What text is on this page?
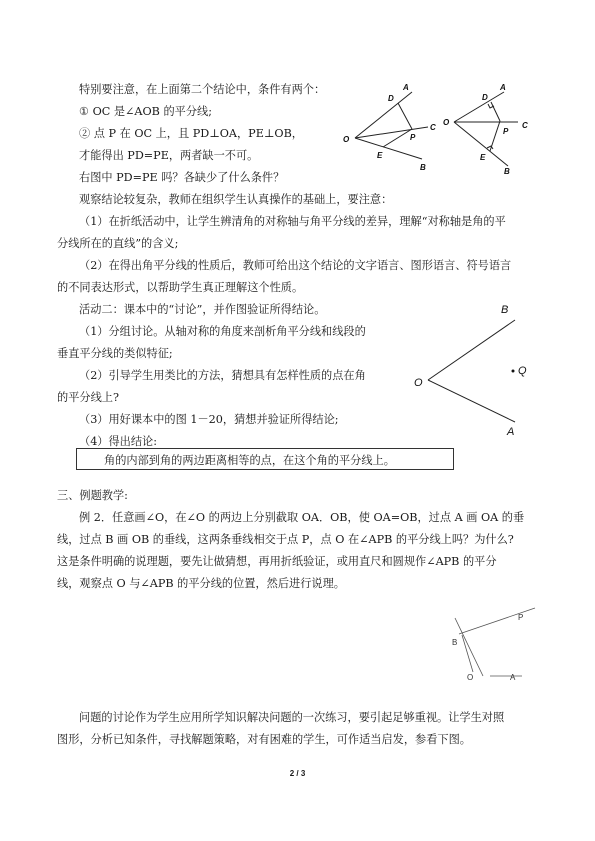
特别要注意，在上面第二个结论中，条件有两个：
① OC 是∠AOB 的平分线;
② 点 P 在 OC 上，且 PD⊥OA，PE⊥OB，
才能得出 PD=PE，两者缺一不可。
右图中 PD=PE 吗？各缺少了什么条件？
观察结论较复杂，教师在组织学生认真操作的基础上，要注意：
（1）在折纸活动中，让学生辨清角的对称轴与角平分线的差异，理解“对称轴是角的平
分线所在的直线”的含义;
（2）在得出角平分线的性质后，教师可给出这个结论的文字语言、图形语言、符号语言
的不同表达形式，以帮助学生真正理解这个性质。
活动二：课本中的“讨论”，并作图验证所得结论。
（1）分组讨论。从轴对称的角度来剖析角平分线和线段的
垂直平分线的类似特征;
（2）引导学生用类比的方法，猜想具有怎样性质的点在角
的平分线上?
（3）用好课本中的图 1－20，猜想并验证所得结论;
（4）得出结论:
角的内部到角的两边距离相等的点，在这个角的平分线上。
三、例题教学:
例 2．任意画∠O，在∠O 的两边上分别截取 OA．OB，使 OA=OB，过点 A 画 OA 的垂
线，过点 B 画 OB 的垂线，这两条垂线相交于点 P，点 O 在∠APB 的平分线上吗？为什么?
这是条件明确的说理题，要先让做猜想，再用折纸验证，或用直尺和圆规作∠APB 的平分
线，观察点 O 与∠APB 的平分线的位置，然后进行说理。
问题的讨论作为学生应用所学知识解决问题的一次练习，要引起足够重视。让学生对照
图形，分析已知条件，寻找解题策略，对有困难的学生，可作适当启发，参看下图。
O
A
D
C
P
E
B
O
A
D
C
P
E
B
B
O
Q
A
O
B
P
A
2 / 3
